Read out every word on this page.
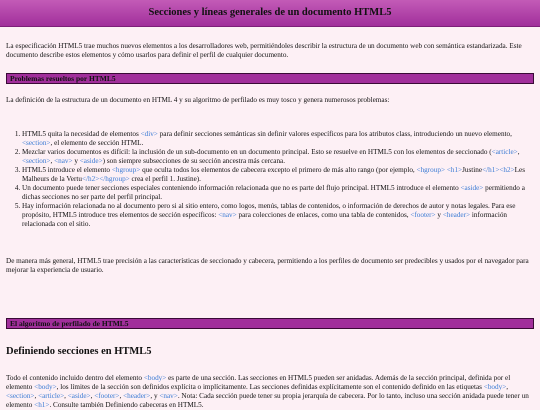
Secciones y líneas generales de un documento HTML5

La especificación HTML5 trae muchos nuevos elementos a los desarrolladores web, permitiéndoles describir la estructura de un documento web con semántica estandarizada. Este documento describe estos elementos y cómo usarlos para definir el perfil de cualquier documento.

Problemas resueltos por HTML5

La definición de la estructura de un documento en HTML 4 y su algoritmo de perfilado es muy tosco y genera numerosos problemas:

1. HTML5 quita la necesidad de elementos <div> para definir secciones semánticas sin definir valores específicos para los atributos class, introduciendo un nuevo elemento, <section>, el elemento de sección HTML.
2. Mezclar varios documentos es difícil: la inclusión de un sub-documento en un documento principal. Esto se resuelve en HTML5 con los elementos de seccionado (<article>, <section>, <nav> y <aside>) son siempre subsecciones de su sección ancestra más cercana.
3. HTML5 introduce el elemento <hgroup> que oculta todos los elementos de cabecera excepto el primero de más alto rango (por ejemplo, <hgroup> <h1>Justine</h1><h2>Les Malheurs de la Vertu</h2></hgroup> crea el perfil 1. Justine).
4. Un documento puede tener secciones especiales conteniendo información relacionada que no es parte del flujo principal. HTML5 introduce el elemento <aside> permitiendo a dichas secciones no ser parte del perfil principal.
5. Hay información relacionada no al documento pero si al sitio entero, como logos, menús, tablas de contenidos, o información de derechos de autor y notas legales. Para ese propósito, HTML5 introduce tres elementos de sección específicos: <nav> para colecciones de enlaces, como una tabla de contenidos, <footer> y <header> información relacionada con el sitio.

De manera más general, HTML5 trae precisión a las características de seccionado y cabecera, permitiendo a los perfiles de documento ser predecibles y usados por el navegador para mejorar la experiencia de usuario.

El algoritmo de perfilado de HTML5
Definiendo secciones en HTML5

Todo el contenido incluido dentro del elemento <body> es parte de una sección. Las secciones en HTML5 pueden ser anidadas. Además de la sección principal, definida por el elemento <body>, los límites de la sección son definidos explícita o implícitamente. Las secciones definidas explícitamente son el contenido definido en las etiquetas <body>, <section>, <article>, <aside>, <footer>, <header>, y <nav>. Nota: Cada sección puede tener su propia jerarquía de cabecera. Por lo tanto, incluso una sección anidada puede tener un elemento <h1>. Consulte también Definiendo cabeceras en HTML5.
